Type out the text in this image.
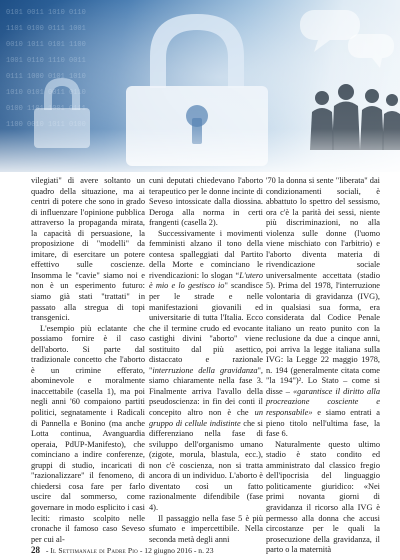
vilegiati" di avere soltanto un quadro della situazione, ma ai centri di potere che sono in grado di influenzare l'opinione pubblica attraverso la propaganda mirata, la capacità di persuasione, la proposizione di "modelli" da imitare, di esercitare un potere effettivo sulle coscienze. Insomma le "cavie" siamo noi e non è un esperimento futuro: siamo già stati "trattati" in passato alla stregua di topi transgenici.

L'esempio più eclatante che possiamo fornire è il caso dell'aborto. Si parte dal tradizionale concetto che l'aborto è un crimine efferato, abominevole e moralmente inaccettabile (casella 1), ma poi negli anni '60 compaiono partiti politici, segnatamente i Radicali di Pannella e Bonino (ma anche Lotta continua, Avanguardia operaia, PdUP-Manifesto), che cominciano a indire conferenze, gruppi di studio, incaricati di "razionalizzare" il fenomeno, di chiedersi cosa fare per farlo uscire dal sommerso, come governare in modo esplicito i casi leciti: rimasto scolpito nelle cronache il famoso caso Seveso per cui al-

cuni deputati chiedevano l'aborto terapeutico per le donne incinte di Seveso intossicate dalla diossina. Deroga alla norma in certi frangenti (casella 2).

Successivamente i movimenti femministi alzano il tono della contesa spalleggiati dal Partito della Morte e cominciano le rivendicazioni: lo slogan “L'utero è mio e lo gestisco io" scandisce per le strade e nelle manifestazioni giovanili ed universitarie di tutta l'Italia. Ecco che il termine crudo ed evocante castighi divini "aborto" viene sostituito dal più asettico, distaccato e razionale "interruzione della gravidanza", siamo chiaramente nella fase 3. Finalmente arriva l'avallo della pseudoscienza: in fin dei conti il concepito altro non è che un gruppo di cellule indistinte che si differenziano nella fase di sviluppo dell'organismo umano (zigote, morula, blastula, ecc.), non c'è coscienza, non si tratta ancora di un individuo. L'aborto è diventato così un fatto razionalmente difendibile (fase 4).

Il passaggio nella fase 5 è più sfumato e impercettibile. Nella seconda metà degli anni

'70 la donna si sente "liberata" dai condizionamenti sociali, è abbattuto lo spettro del sessismo, ora c'è la parità dei sessi, niente più discriminazioni, no alla violenza sulle donne (l'uomo viene mischiato con l'arbitrio) e l'aborto diventa materia di rivendicazione sociale universalmente accettata (stadio 5). Prima del 1978, l'interruzione volontaria di gravidanza (IVG), in qualsiasi sua forma, era considerata dal Codice Penale italiano un reato punito con la reclusione da due a cinque anni, poi arriva la legge italiana sulla IVG: la Legge 22 maggio 1978, n. 194 (generalmente citata come "la 194")². Lo Stato – come si disse – «garantisce il diritto alla procreazione cosciente e responsabile» e siamo entrati a pieno titolo nell'ultima fase, la fase 6.

Naturalmente questo ultimo stadio è stato condito ed amministrato dal classico fregio dell'ipocrisia del linguaggio politicamente giuridico: «Nei primi novanta giorni di gravidanza il ricorso alla IVG è permesso alla donna che accusi circostanze per le quali la prosecuzione della gravidanza, il parto o la maternità

28 - Il Settimanale di Padre Pio - 12 giugno 2016 - n. 23
